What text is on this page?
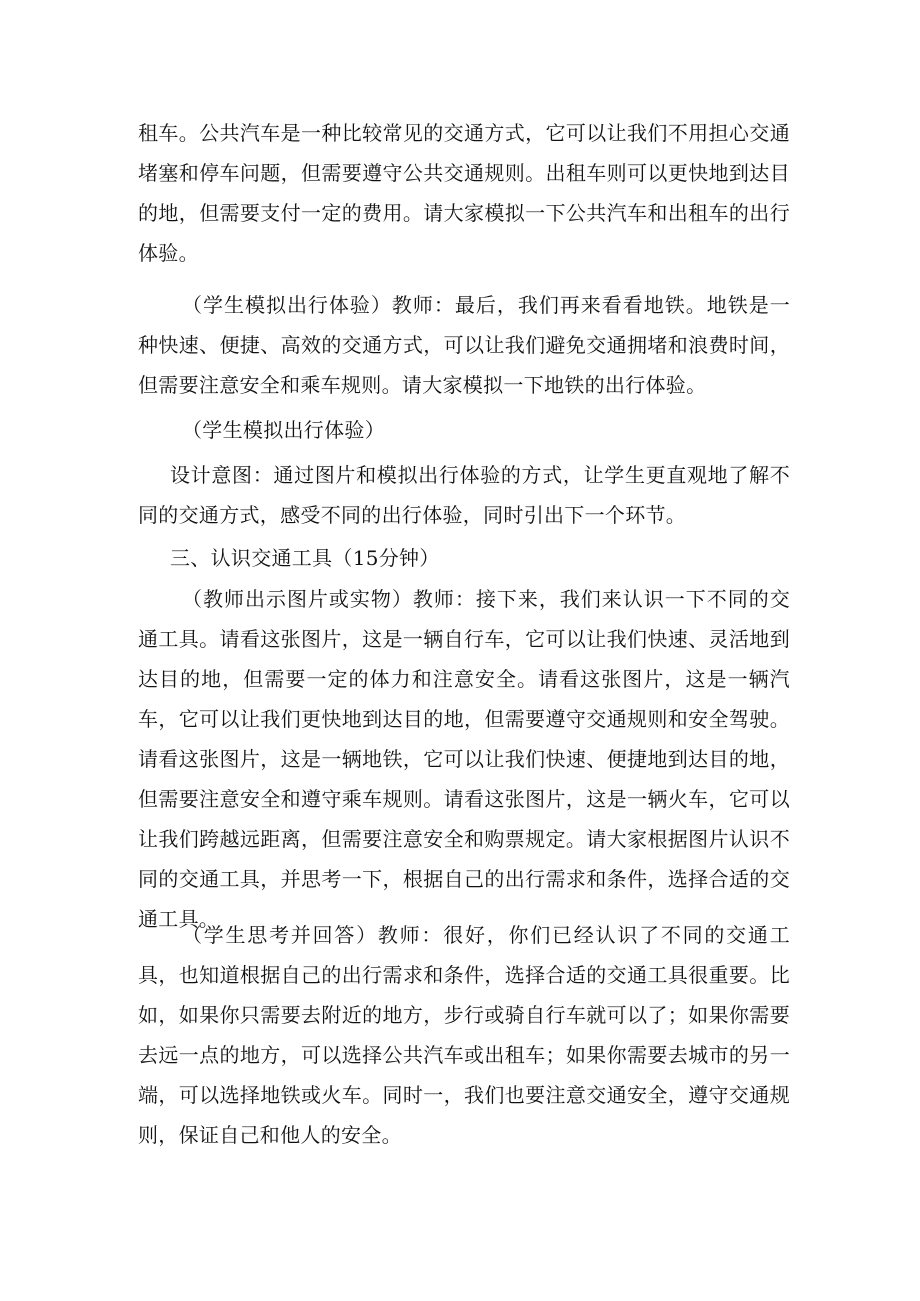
租车。公共汽车是一种比较常见的交通方式，它可以让我们不用担心交通堵塞和停车问题，但需要遵守公共交通规则。出租车则可以更快地到达目的地，但需要支付一定的费用。请大家模拟一下公共汽车和出租车的出行体验。

（学生模拟出行体验）教师：最后，我们再来看看地铁。地铁是一种快速、便捷、高效的交通方式，可以让我们避免交通拥堵和浪费时间，但需要注意安全和乘车规则。请大家模拟一下地铁的出行体验。

（学生模拟出行体验）

设计意图：通过图片和模拟出行体验的方式，让学生更直观地了解不同的交通方式，感受不同的出行体验，同时引出下一个环节。

三、认识交通工具（15分钟）

（教师出示图片或实物）教师：接下来，我们来认识一下不同的交通工具。请看这张图片，这是一辆自行车，它可以让我们快速、灵活地到达目的地，但需要一定的体力和注意安全。请看这张图片，这是一辆汽车，它可以让我们更快地到达目的地，但需要遵守交通规则和安全驾驶。请看这张图片，这是一辆地铁，它可以让我们快速、便捷地到达目的地，但需要注意安全和遵守乘车规则。请看这张图片，这是一辆火车，它可以让我们跨越远距离，但需要注意安全和购票规定。请大家根据图片认识不同的交通工具，并思考一下，根据自己的出行需求和条件，选择合适的交通工具。

（学生思考并回答）教师：很好，你们已经认识了不同的交通工具，也知道根据自己的出行需求和条件，选择合适的交通工具很重要。比如，如果你只需要去附近的地方，步行或骑自行车就可以了；如果你需要去远一点的地方，可以选择公共汽车或出租车；如果你需要去城市的另一端，可以选择地铁或火车。同时一，我们也要注意交通安全，遵守交通规则，保证自己和他人的安全。
